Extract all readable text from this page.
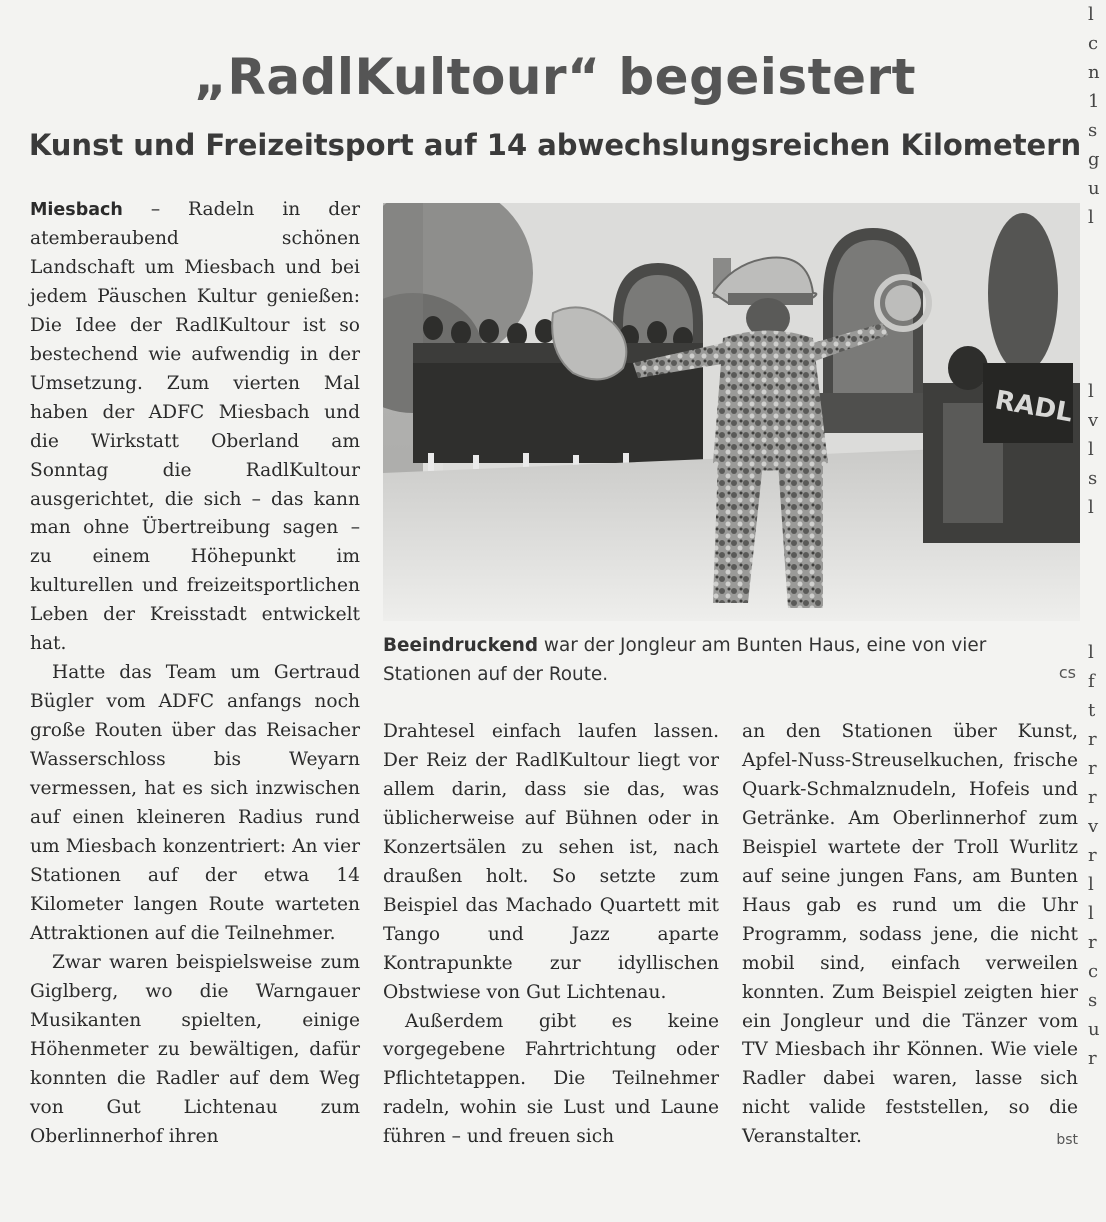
„RadlKultour“ begeistert
Kunst und Freizeitsport auf 14 abwechslungsreichen Kilometern

Miesbach – Radeln in der atemberaubend schönen Landschaft um Miesbach und bei jedem Päuschen Kultur genießen: Die Idee der RadlKultour ist so bestechend wie aufwendig in der Umsetzung. Zum vierten Mal haben der ADFC Miesbach und die Wirkstatt Oberland am Sonntag die RadlKultour ausgerichtet, die sich – das kann man ohne Übertreibung sagen – zu einem Höhepunkt im kulturellen und freizeitsportlichen Leben der Kreisstadt entwickelt hat.

Hatte das Team um Gertraud Bügler vom ADFC anfangs noch große Routen über das Reisacher Wasserschloss bis Weyarn vermessen, hat es sich inzwischen auf einen kleineren Radius rund um Miesbach konzentriert: An vier Stationen auf der etwa 14 Kilometer langen Route warteten Attraktionen auf die Teilnehmer.

Zwar waren beispielsweise zum Giglberg, wo die Warngauer Musikanten spielten, einige Höhenmeter zu bewältigen, dafür konnten die Radler auf dem Weg von Gut Lichtenau zum Oberlinnerhof ihren

RADL
Beeindruckend war der Jongleur am Bunten Haus, eine von vier Stationen auf der Route.	cs

Drahtesel einfach laufen lassen. Der Reiz der RadlKultour liegt vor allem darin, dass sie das, was üblicherweise auf Bühnen oder in Konzertsälen zu sehen ist, nach draußen holt. So setzte zum Beispiel das Machado Quartett mit Tango und Jazz aparte Kontrapunkte zur idyllischen Obstwiese von Gut Lichtenau.

Außerdem gibt es keine vorgegebene Fahrtrichtung oder Pflichtetappen. Die Teilnehmer radeln, wohin sie Lust und Laune führen – und freuen sich

an den Stationen über Kunst, Apfel-Nuss-Streuselkuchen, frische Quark-Schmalznudeln, Hofeis und Getränke. Am Oberlinnerhof zum Beispiel wartete der Troll Wurlitz auf seine jungen Fans, am Bunten Haus gab es rund um die Uhr Programm, sodass jene, die nicht mobil sind, einfach verweilen konnten. Zum Beispiel zeigten hier ein Jongleur und die Tänzer vom TV Miesbach ihr Können. Wie viele Radler dabei waren, lasse sich nicht valide feststellen, so die Veranstalter.	bst

l
c
n
1
s
g
u
l

l
v
l
s
l

l
f
t
r
r
r
v
r
l
l
r
c
s
u
r
